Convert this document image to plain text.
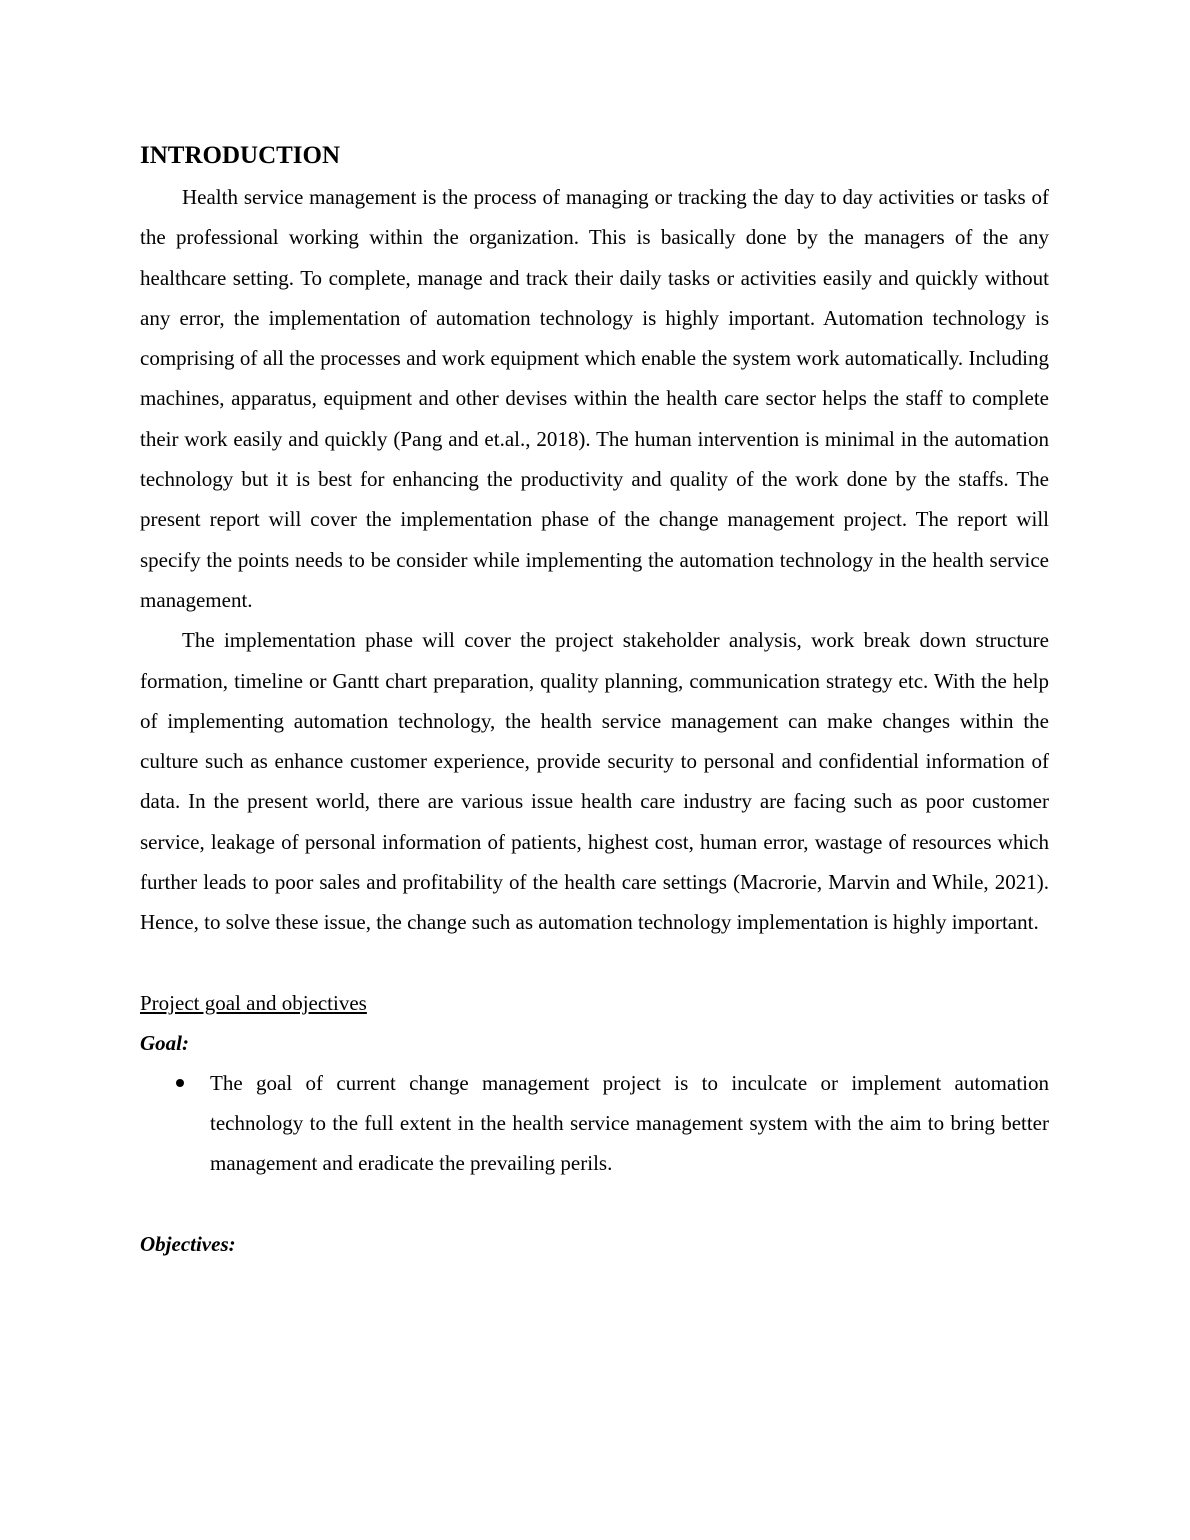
INTRODUCTION

Health service management is the process of managing or tracking the day to day activities or tasks of the professional working within the organization. This is basically done by the managers of the any healthcare setting. To complete, manage and track their daily tasks or activities easily and quickly without any error, the implementation of automation technology is highly important. Automation technology is comprising of all the processes and work equipment which enable the system work automatically. Including machines, apparatus, equipment and other devises within the health care sector helps the staff to complete their work easily and quickly (Pang and et.al., 2018). The human intervention is minimal in the automation technology but it is best for enhancing the productivity and quality of the work done by the staffs. The present report will cover the implementation phase of the change management project. The report will specify the points needs to be consider while implementing the automation technology in the health service management.

The implementation phase will cover the project stakeholder analysis, work break down structure formation, timeline or Gantt chart preparation, quality planning, communication strategy etc. With the help of implementing automation technology, the health service management can make changes within the culture such as enhance customer experience, provide security to personal and confidential information of data. In the present world, there are various issue health care industry are facing such as poor customer service, leakage of personal information of patients, highest cost, human error, wastage of resources which further leads to poor sales and profitability of the health care settings (Macrorie, Marvin and While, 2021). Hence, to solve these issue, the change such as automation technology implementation is highly important.

Project goal and objectives
Goal:
The goal of current change management project is to inculcate or implement automation technology to the full extent in the health service management system with the aim to bring better management and eradicate the prevailing perils.
Objectives:
